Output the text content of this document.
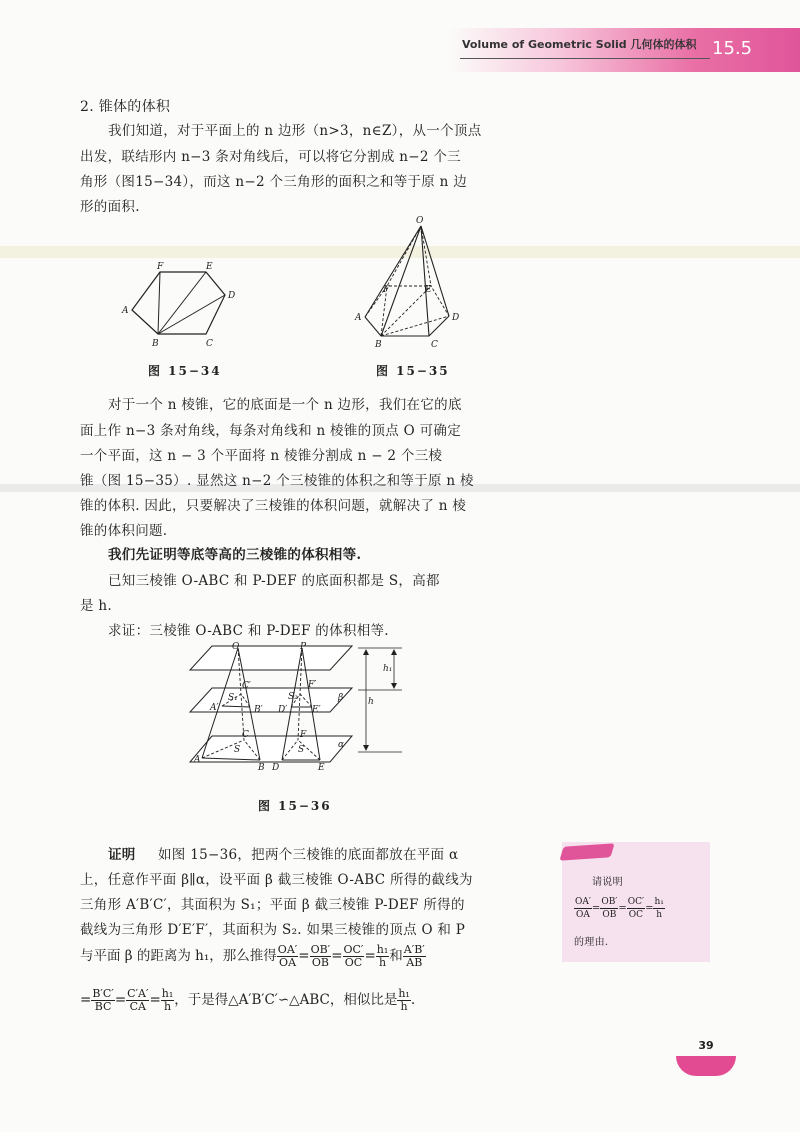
Volume of Geometric Solid 几何体的体积 15.5
2. 锥体的体积
我们知道，对于平面上的 n 边形（n>3，n∈Z），从一个顶点
出发，联结形内 n−3 条对角线后，可以将它分割成 n−2 个三
角形（图15−34），而这 n−2 个三角形的面积之和等于原 n 边
形的面积.
F	E
A
D
B	C
图 15−34
O
F	E
A	D
B	C
图 15−35
对于一个 n 棱锥，它的底面是一个 n 边形，我们在它的底
面上作 n−3 条对角线，每条对角线和 n 棱锥的顶点 O 可确定
一个平面，这 n − 3 个平面将 n 棱锥分割成 n − 2 个三棱
锥（图 15−35）. 显然这 n−2 个三棱锥的体积之和等于原 n 棱
锥的体积. 因此，只要解决了三棱锥的体积问题，就解决了 n 棱
锥的体积问题.
我们先证明等底等高的三棱锥的体积相等.
已知三棱锥 O-ABC 和 P-DEF 的底面积都是 S，高都
是 h.
求证：三棱锥 O-ABC 和 P-DEF 的体积相等.
O	P
C′	F′
S₁	S₂	β
A′	B′ D′	E′
h₁
h
C	F
S	S	α
A
B D	E
图 15−36
证明 如图 15−36，把两个三棱锥的底面都放在平面 α
上，任意作平面 β∥α，设平面 β 截三棱锥 O-ABC 所得的截线为
三角形 A′B′C′，其面积为 S₁；平面 β 截三棱锥 P-DEF 所得的
截线为三角形 D′E′F′，其面积为 S₂. 如果三棱锥的顶点 O 和 P
与平面 β 的距离为 h₁，那么推得 $\frac{OA'}{OA} = \frac{OB'}{OB} = \frac{OC'}{OC} = \frac{\text{h₁}}{h}$ 和 $\frac{A'B'}{AB}$
= $\frac{B'C'}{BC} = \frac{C'A'}{CA} = \frac{\text{h₁}}{h}$ ，于是得△A′B′C′∽△ABC，相似比是 $\frac{\text{h₁}}{h}$ .
请说明
$\frac{OA'}{OA} = \frac{OB'}{OB} = \frac{OC'}{OC} = \frac{\text{h₁}}{h}$
的理由.
39
